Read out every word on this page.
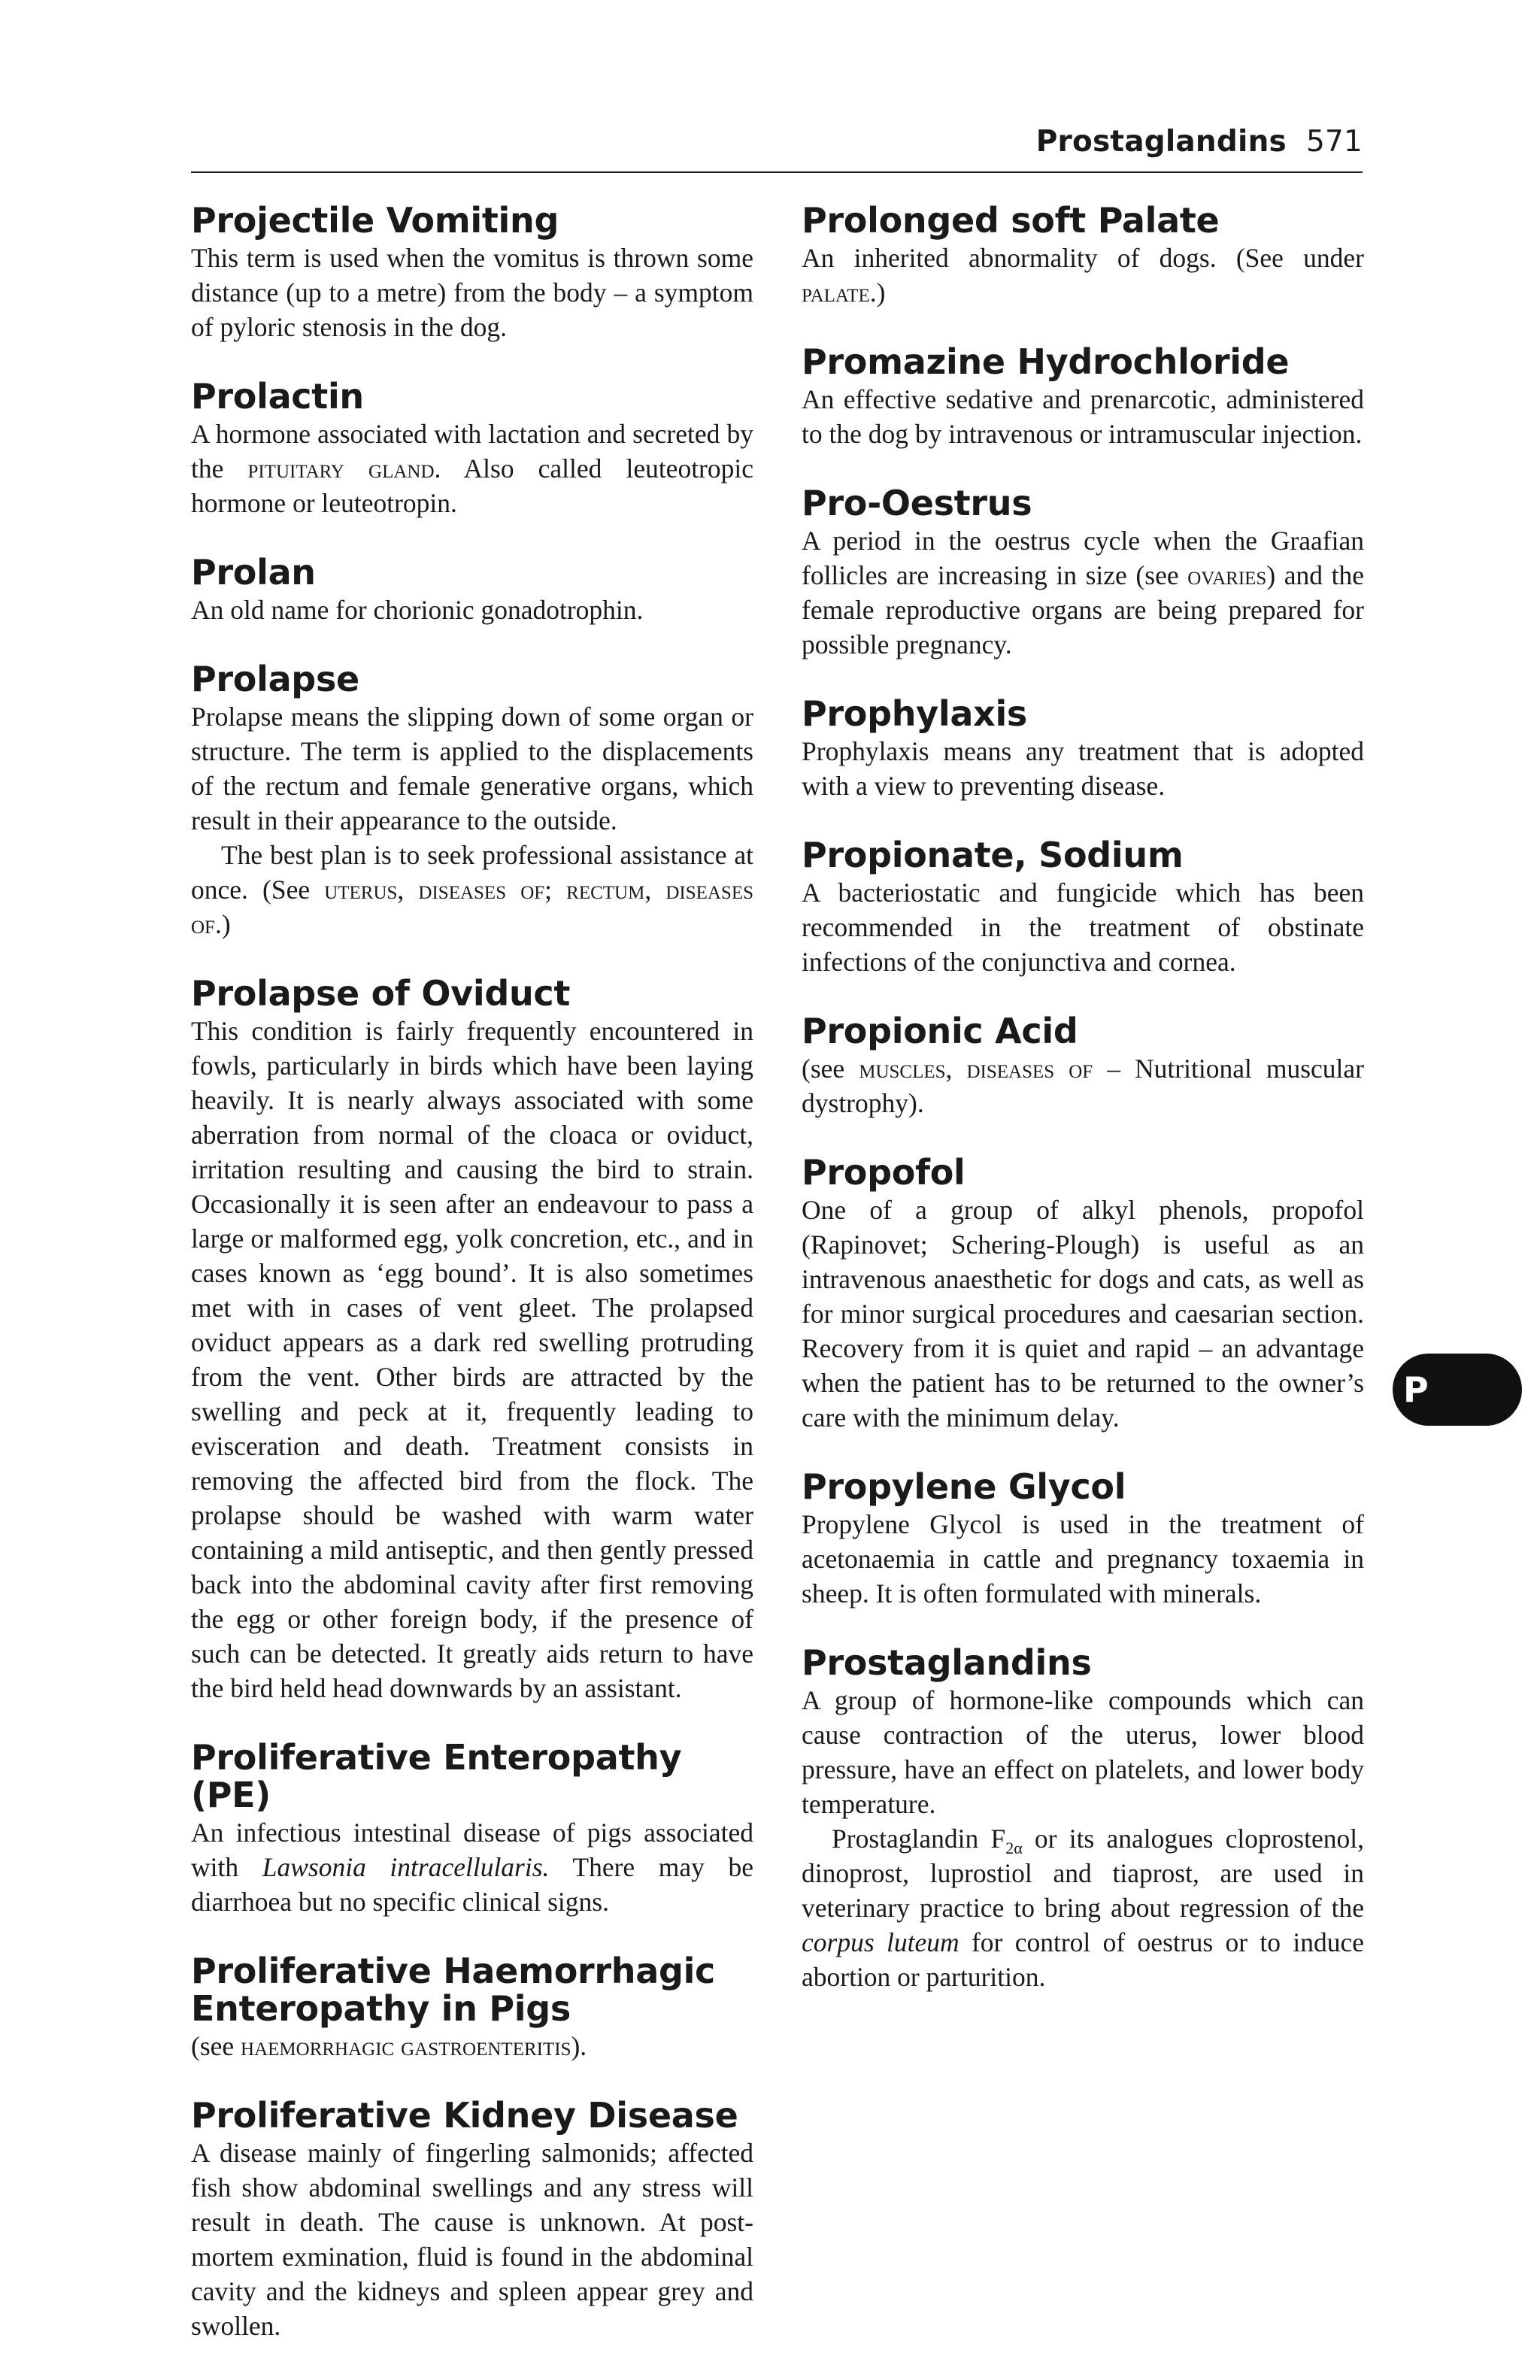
Prostaglandins 571
Projectile Vomiting

This term is used when the vomitus is thrown some distance (up to a metre) from the body – a symptom of pyloric stenosis in the dog.

Prolactin

A hormone associated with lactation and secreted by the pituitary gland. Also called leuteotropic hormone or leuteotropin.

Prolan

An old name for chorionic gonadotrophin.

Prolapse

Prolapse means the slipping down of some organ or structure. The term is applied to the displacements of the rectum and female generative organs, which result in their appearance to the outside.

The best plan is to seek professional assistance at once. (See uterus, diseases of; rectum, diseases of.)

Prolapse of Oviduct

This condition is fairly frequently encountered in fowls, particularly in birds which have been laying heavily. It is nearly always associated with some aberration from normal of the cloaca or oviduct, irritation resulting and causing the bird to strain. Occasionally it is seen after an endeavour to pass a large or malformed egg, yolk concretion, etc., and in cases known as ‘egg bound’. It is also sometimes met with in cases of vent gleet. The prolapsed oviduct appears as a dark red swelling protruding from the vent. Other birds are attracted by the swelling and peck at it, frequently leading to evisceration and death. Treatment consists in removing the affected bird from the flock. The prolapse should be washed with warm water containing a mild antiseptic, and then gently pressed back into the abdominal cavity after first removing the egg or other foreign body, if the presence of such can be detected. It greatly aids return to have the bird held head downwards by an assistant.

Proliferative Enteropathy (PE)

An infectious intestinal disease of pigs associated with Lawsonia intracellularis. There may be diarrhoea but no specific clinical signs.

Proliferative Haemorrhagic Enteropathy in Pigs

(see haemorrhagic gastroenteritis).

Proliferative Kidney Disease

A disease mainly of fingerling salmonids; affected fish show abdominal swellings and any stress will result in death. The cause is unknown. At post-mortem exmination, fluid is found in the abdominal cavity and the kidneys and spleen appear grey and swollen.

Prolonged soft Palate

An inherited abnormality of dogs. (See under palate.)

Promazine Hydrochloride

An effective sedative and prenarcotic, administered to the dog by intravenous or intramuscular injection.

Pro-Oestrus

A period in the oestrus cycle when the Graafian follicles are increasing in size (see ovaries) and the female reproductive organs are being prepared for possible pregnancy.

Prophylaxis

Prophylaxis means any treatment that is adopted with a view to preventing disease.

Propionate, Sodium

A bacteriostatic and fungicide which has been recommended in the treatment of obstinate infections of the conjunctiva and cornea.

Propionic Acid

(see muscles, diseases of – Nutritional muscular dystrophy).

Propofol

One of a group of alkyl phenols, propofol (Rapinovet; Schering-Plough) is useful as an intravenous anaesthetic for dogs and cats, as well as for minor surgical procedures and caesarian section. Recovery from it is quiet and rapid – an advantage when the patient has to be returned to the owner’s care with the minimum delay.

Propylene Glycol

Propylene Glycol is used in the treatment of acetonaemia in cattle and pregnancy toxaemia in sheep. It is often formulated with minerals.

Prostaglandins

A group of hormone-like compounds which can cause contraction of the uterus, lower blood pressure, have an effect on platelets, and lower body temperature.

Prostaglandin $F_{2\alpha}$ or its analogues cloprostenol, dinoprost, luprostiol and tiaprost, are used in veterinary practice to bring about regression of the corpus luteum for control of oestrus or to induce abortion or parturition.

P
